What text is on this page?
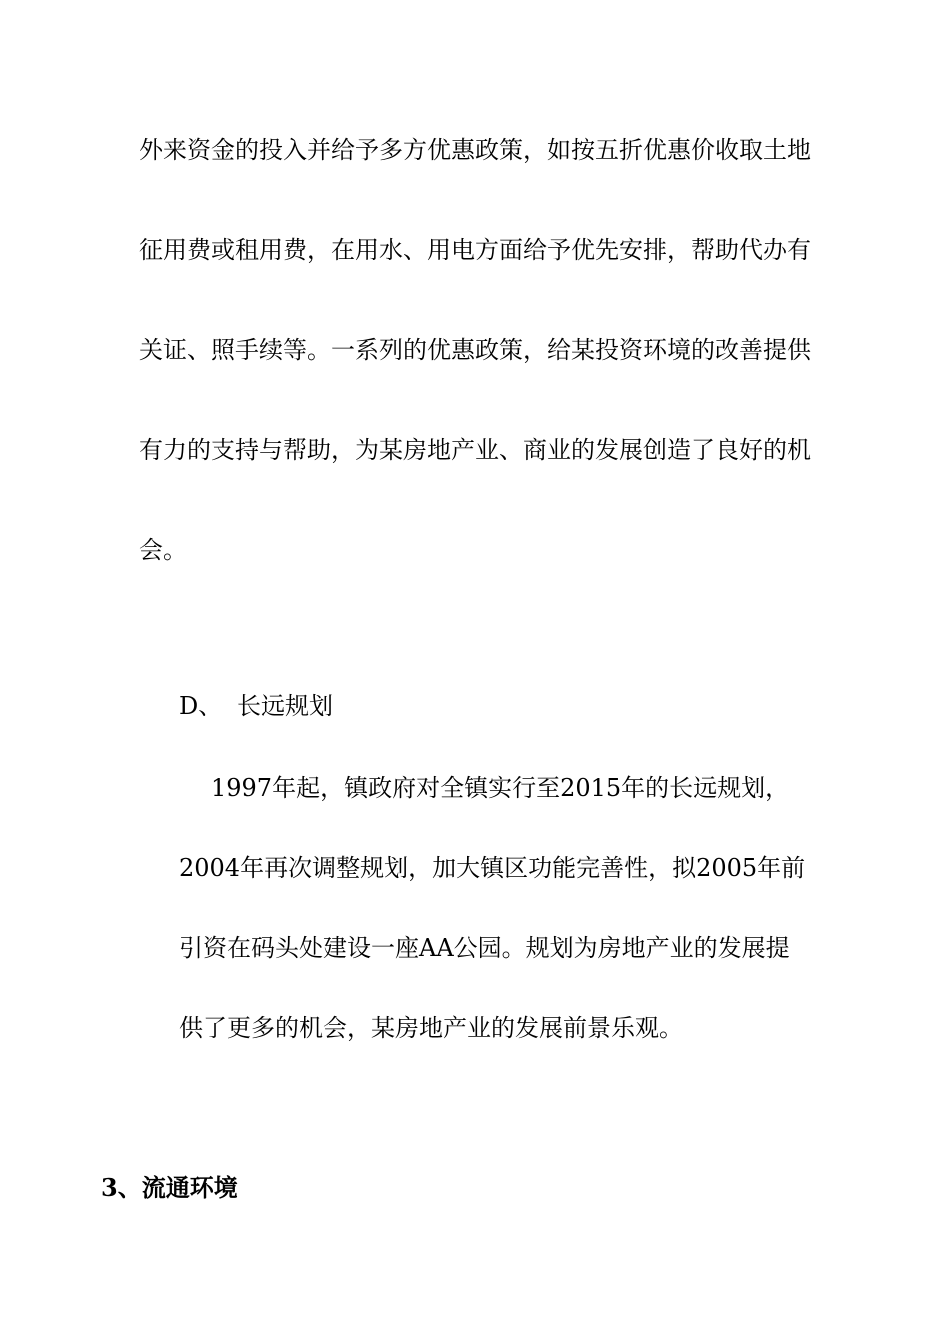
外来资金的投入并给予多方优惠政策，如按五折优惠价收取土地
征用费或租用费，在用水、用电方面给予优先安排，帮助代办有
关证、照手续等。一系列的优惠政策，给某投资环境的改善提供
有力的支持与帮助，为某房地产业、商业的发展创造了良好的机
会。
D、 长远规划
1997年起，镇政府对全镇实行至2015年的长远规划，
2004年再次调整规划，加大镇区功能完善性，拟2005年前
引资在码头处建设一座AA公园。规划为房地产业的发展提
供了更多的机会，某房地产业的发展前景乐观。
3、流通环境
